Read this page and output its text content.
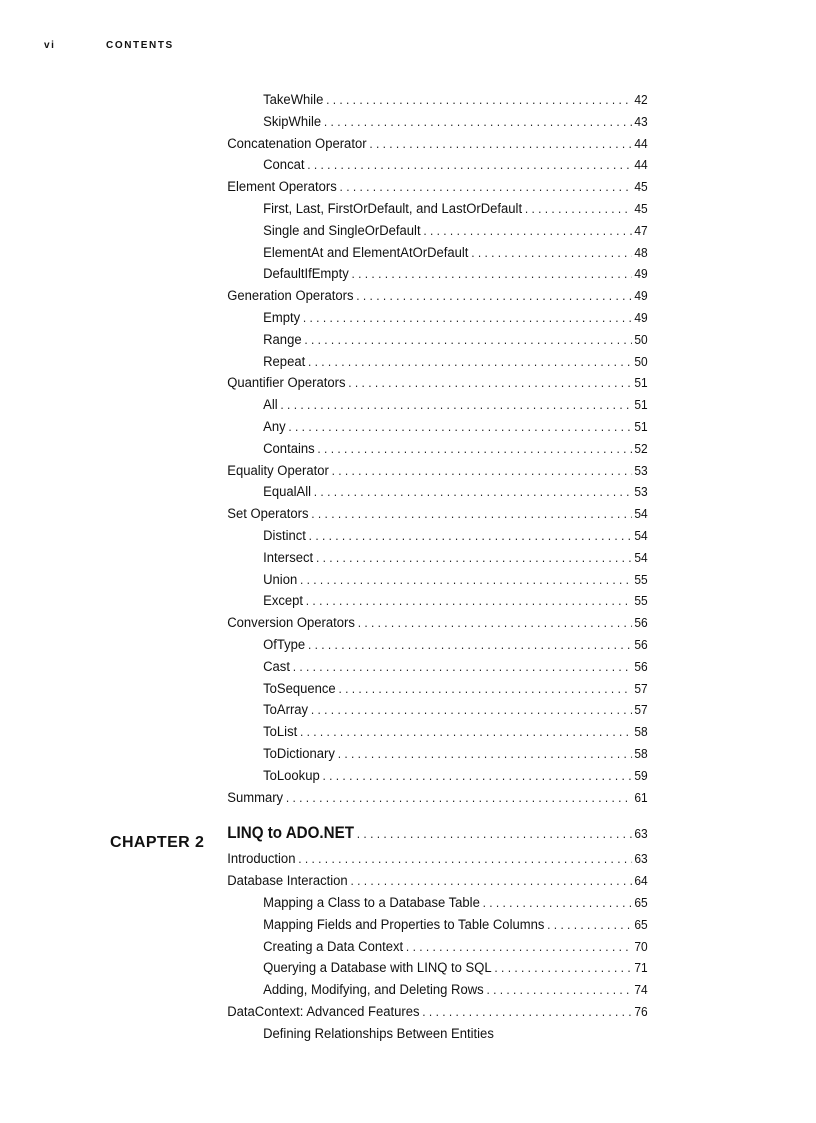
vi	CONTENTS
CHAPTER 2
TakeWhile . . .	42
SkipWhile . . .	43
Concatenation Operator . . .	44
Concat . . .	44
Element Operators . . .	45
First, Last, FirstOrDefault, and LastOrDefault . . .	45
Single and SingleOrDefault . . .	47
ElementAt and ElementAtOrDefault . . .	48
DefaultIfEmpty . . .	49
Generation Operators . . .	49
Empty . . .	49
Range . . .	50
Repeat . . .	50
Quantifier Operators . . .	51
All . . .	51
Any . . .	51
Contains . . .	52
Equality Operator . . .	53
EqualAll . . .	53
Set Operators . . .	54
Distinct . . .	54
Intersect . . .	54
Union . . .	55
Except . . .	55
Conversion Operators . . .	56
OfType . . .	56
Cast . . .	56
ToSequence . . .	57
ToArray . . .	57
ToList . . .	58
ToDictionary . . .	58
ToLookup . . .	59
Summary . . .	61
LINQ to ADO.NET . . .	63
Introduction . . .	63
Database Interaction . . .	64
Mapping a Class to a Database Table . . .	65
Mapping Fields and Properties to Table Columns . . .	65
Creating a Data Context . . .	70
Querying a Database with LINQ to SQL . . .	71
Adding, Modifying, and Deleting Rows . . .	74
DataContext: Advanced Features . . .	76
Defining Relationships Between Entities
